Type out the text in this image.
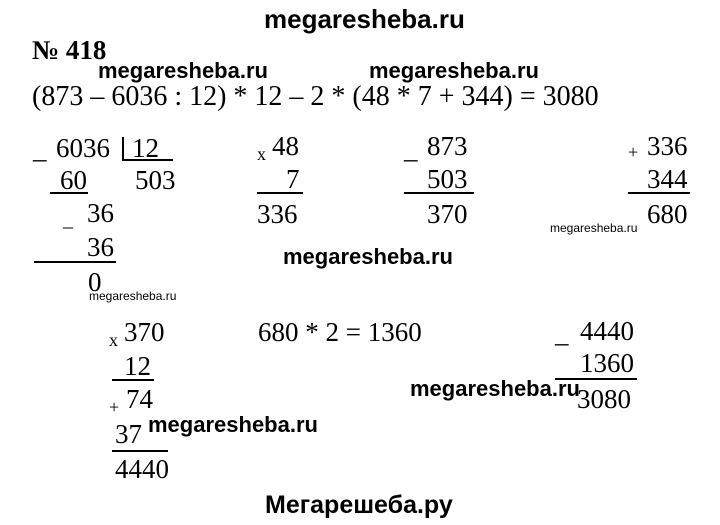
megaresheba.ru
№ 418
(873 – 6036 : 12) * 12 – 2 * (48 * 7 + 344) = 3080
megaresheba.ru	megaresheba.ru
megaresheba.ru
megaresheba.ru
megaresheba.ru
megaresheba.ru
megaresheba.ru
_ 6036 12
60 503
36
_
36
0
x 48
7
336
_ 873
503
370
+ 336
344
680
x 370
12
+ 74
37
4440
680 * 2 = 1360	_ 4440
1360
3080
Мегарешеба.ру
